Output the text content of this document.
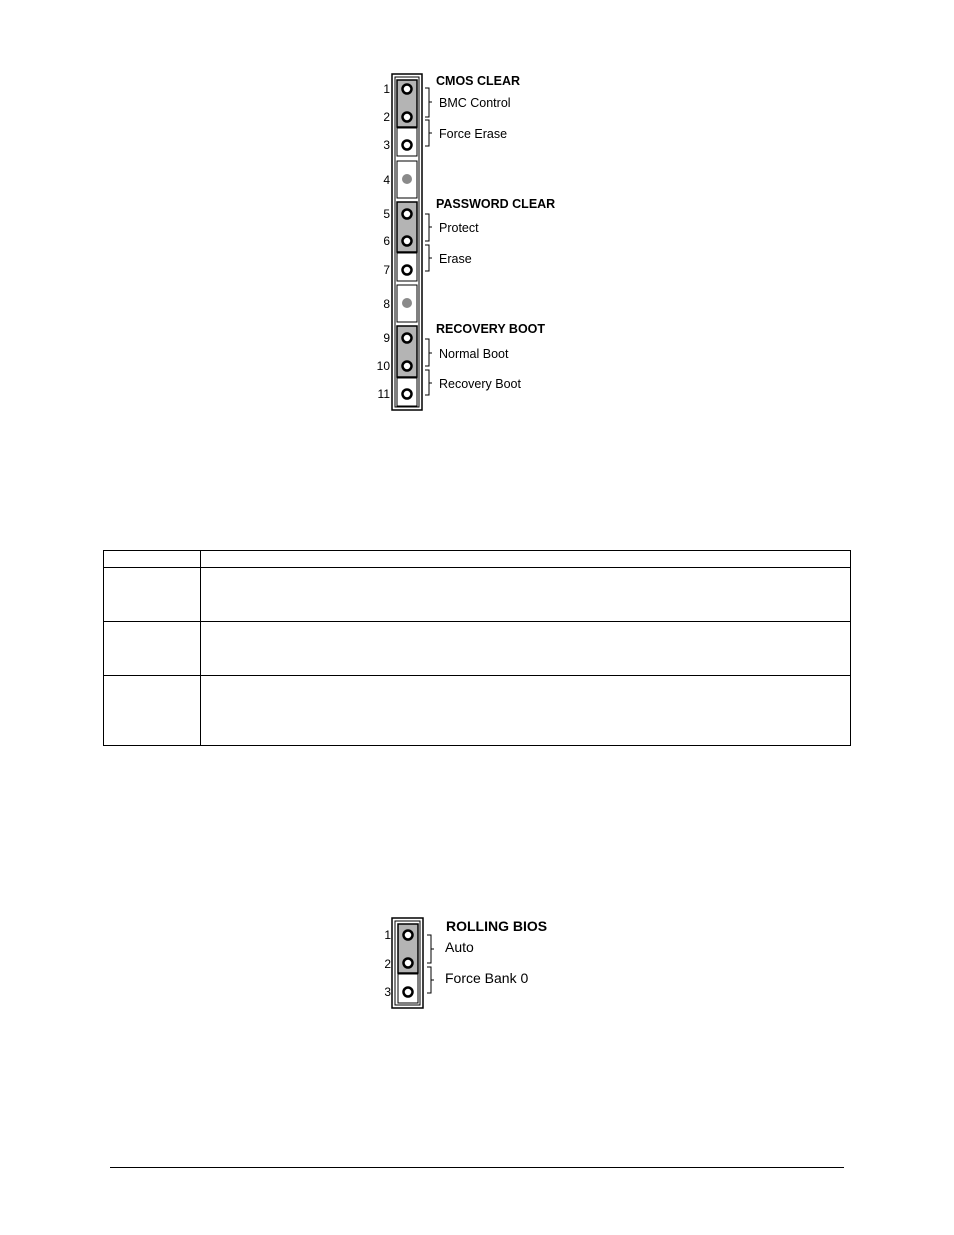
1
2
3
4
5
6
7
8
9
10
11
CMOS CLEAR
BMC Control
Force Erase
PASSWORD CLEAR
Protect
Erase
RECOVERY BOOT
Normal Boot
Recovery Boot

1
2
3
ROLLING BIOS
Auto
Force Bank 0
